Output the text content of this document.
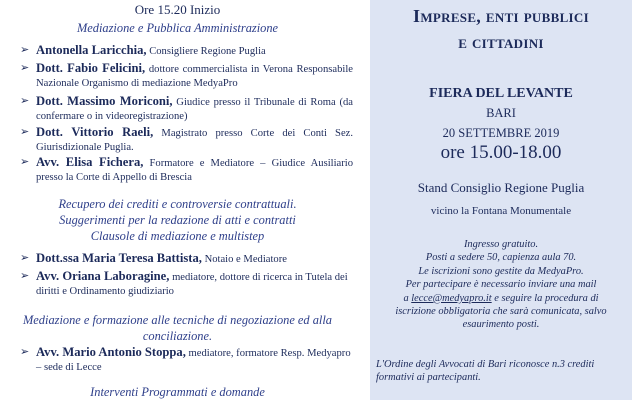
Ore 15.20 Inizio
Mediazione e Pubblica Amministrazione
➢ Antonella Laricchia, Consigliere Regione Puglia
➢ Dott. Fabio Felicini, dottore commercialista in Verona Responsabile Nazionale Organismo di mediazione MedyaPro
➢ Dott. Massimo Moriconi, Giudice presso il Tribunale di Roma (da confermare o in videoregistrazione)
➢ Dott. Vittorio Raeli, Magistrato presso Corte dei Conti Sez. Giurisdizionale Puglia.
➢ Avv. Elisa Fichera, Formatore e Mediatore – Giudice Ausiliario presso la Corte di Appello di Brescia
Recupero dei crediti e controversie contrattuali.
Suggerimenti per la redazione di atti e contratti
Clausole di mediazione e multistep
➢ Dott.ssa Maria Teresa Battista, Notaio e Mediatore
➢ Avv. Oriana Laboragine, mediatore, dottore di ricerca in Tutela dei diritti e Ordinamento giudiziario
Mediazione e formazione alle tecniche di negoziazione ed alla
conciliazione.
➢ Avv. Mario Antonio Stoppa, mediatore, formatore Resp. Medyapro – sede di Lecce
Interventi Programmati e domande
Imprese, enti pubblici
e cittadini
FIERA DEL LEVANTE
BARI
20 SETTEMBRE 2019
ore 15.00-18.00
Stand Consiglio Regione Puglia
vicino la Fontana Monumentale
Ingresso gratuito.
Posti a sedere 50, capienza aula 70.
Le iscrizioni sono gestite da MedyaPro.
Per partecipare è necessario inviare una mail
a lecce@medyapro.it e seguire la procedura di
iscrizione obbligatoria che sarà comunicata, salvo
esaurimento posti.
L'Ordine degli Avvocati di Bari riconosce n.3 crediti formativi ai partecipanti.
